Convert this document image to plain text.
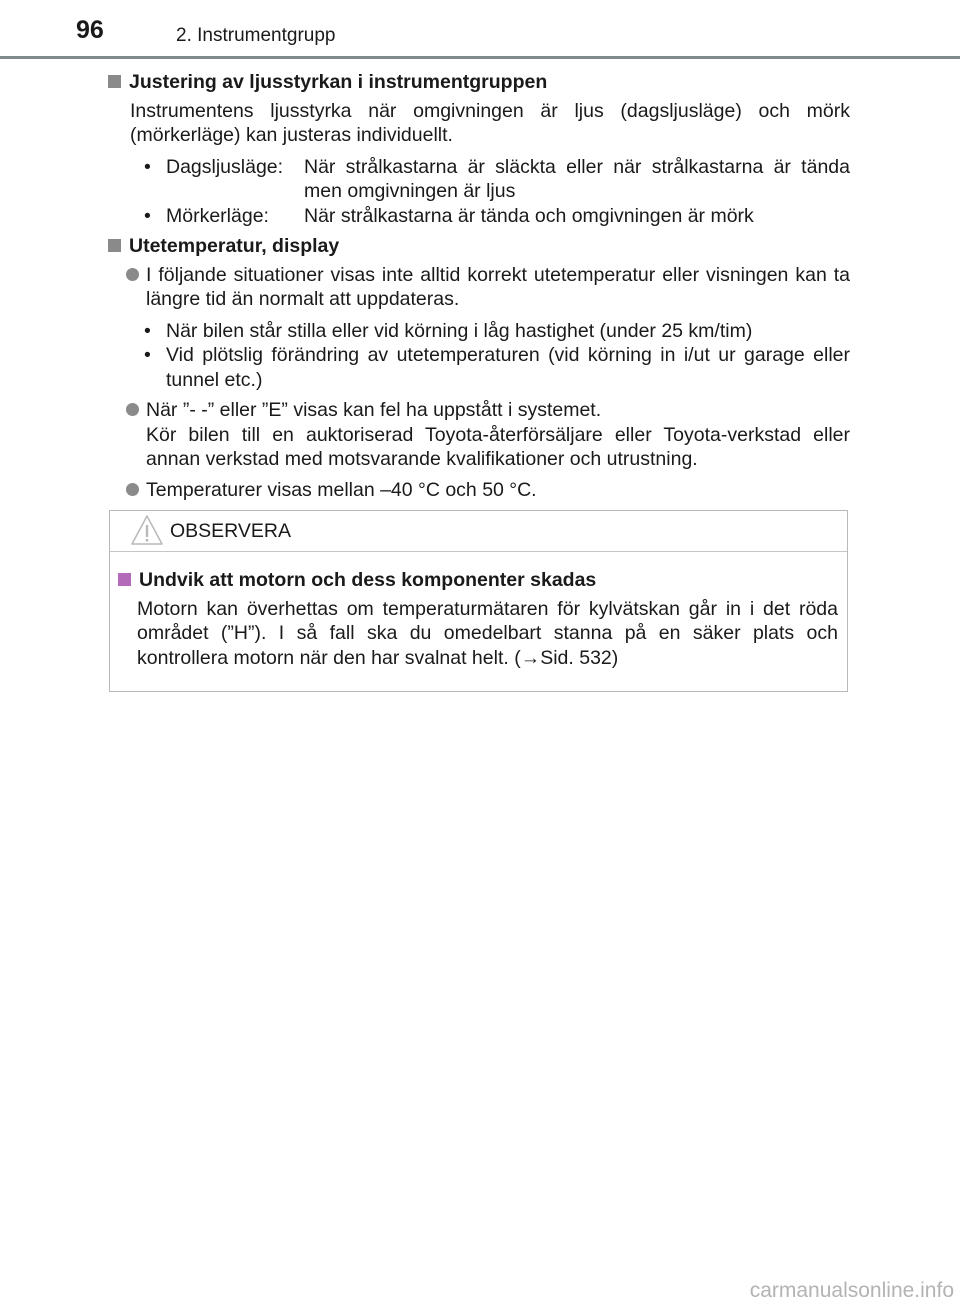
96	2. Instrumentgrupp
Justering av ljusstyrkan i instrumentgruppen
Instrumentens ljusstyrka när omgivningen är ljus (dagsljusläge) och mörk (mörkerläge) kan justeras individuellt.
• Dagsljusläge:	När strålkastarna är släckta eller när strålkastarna är tända men omgivningen är ljus
• Mörkerläge:	När strålkastarna är tända och omgivningen är mörk
Utetemperatur, display
I följande situationer visas inte alltid korrekt utetemperatur eller visningen kan ta längre tid än normalt att uppdateras.
• När bilen står stilla eller vid körning i låg hastighet (under 25 km/tim)
• Vid plötslig förändring av utetemperaturen (vid körning in i/ut ur garage eller tunnel etc.)
När ”- -” eller ”E” visas kan fel ha uppstått i systemet.
Kör bilen till en auktoriserad Toyota-återförsäljare eller Toyota-verkstad eller annan verkstad med motsvarande kvalifikationer och utrustning.
Temperaturer visas mellan –40 °C och 50 °C.
OBSERVERA
Undvik att motorn och dess komponenter skadas
Motorn kan överhettas om temperaturmätaren för kylvätskan går in i det röda området (”H”). I så fall ska du omedelbart stanna på en säker plats och kontrollera motorn när den har svalnat helt. (→Sid. 532)
carmanualsonline.info
